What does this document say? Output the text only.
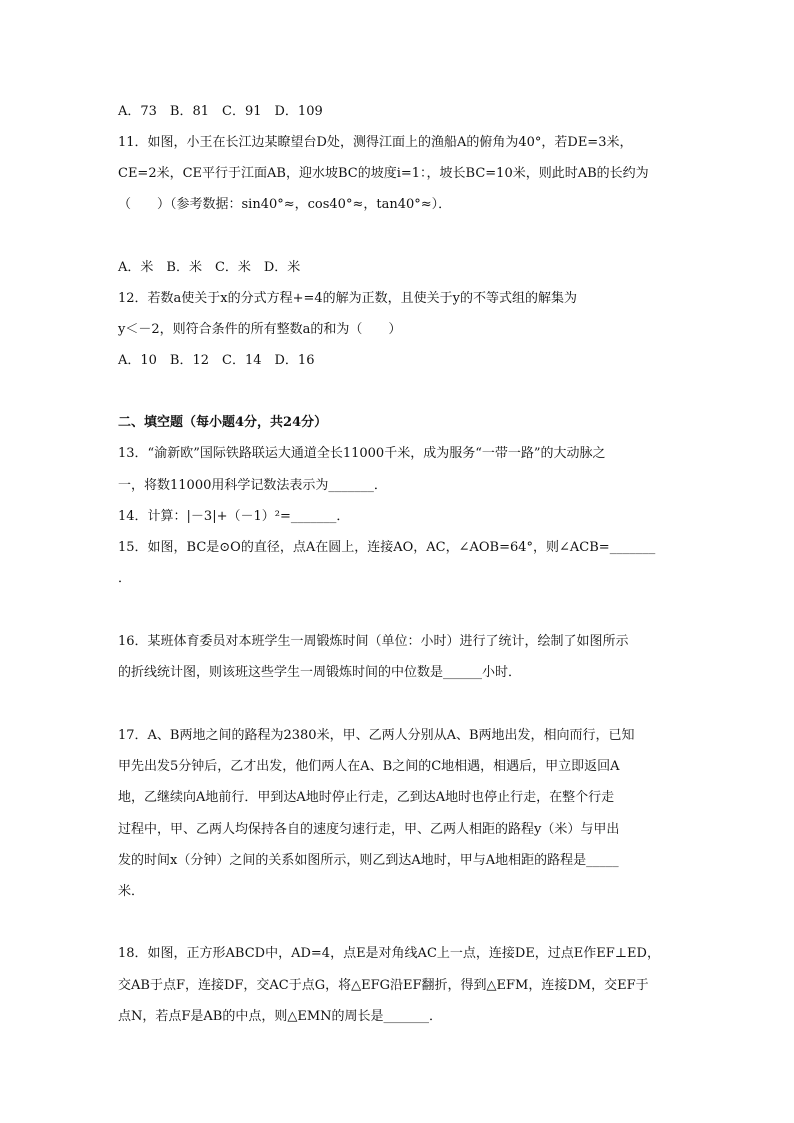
A．73　B．81　C．91　D．109
11．如图，小王在长江边某瞭望台D处，测得江面上的渔船A的俯角为40°，若DE=3米，
CE=2米，CE平行于江面AB，迎水坡BC的坡度i=1：，坡长BC=10米，则此时AB的长约为
（　　）（参考数据：sin40°≈，cos40°≈，tan40°≈）．
A．米　B．米　C．米　D．米
12．若数a使关于x的分式方程+=4的解为正数，且使关于y的不等式组的解集为
y＜－2，则符合条件的所有整数a的和为（　　）
A．10　B．12　C．14　D．16
二、填空题（每小题4分，共24分）
13．“渝新欧”国际铁路联运大通道全长11000千米，成为服务“一带一路”的大动脉之
一，将数11000用科学记数法表示为_______．
14．计算：|－3|+（－1）²=_______．
15．如图，BC是⊙O的直径，点A在圆上，连接AO，AC，∠AOB=64°，则∠ACB=_______
．
16．某班体育委员对本班学生一周锻炼时间（单位：小时）进行了统计，绘制了如图所示
的折线统计图，则该班这些学生一周锻炼时间的中位数是______小时．
17．A、B两地之间的路程为2380米，甲、乙两人分别从A、B两地出发，相向而行，已知
甲先出发5分钟后，乙才出发，他们两人在A、B之间的C地相遇，相遇后，甲立即返回A
地，乙继续向A地前行．甲到达A地时停止行走，乙到达A地时也停止行走，在整个行走
过程中，甲、乙两人均保持各自的速度匀速行走，甲、乙两人相距的路程y（米）与甲出
发的时间x（分钟）之间的关系如图所示，则乙到达A地时，甲与A地相距的路程是_____
米．
18．如图，正方形ABCD中，AD=4，点E是对角线AC上一点，连接DE，过点E作EF⊥ED，
交AB于点F，连接DF，交AC于点G，将△EFG沿EF翻折，得到△EFM，连接DM，交EF于
点N，若点F是AB的中点，则△EMN的周长是_______．
